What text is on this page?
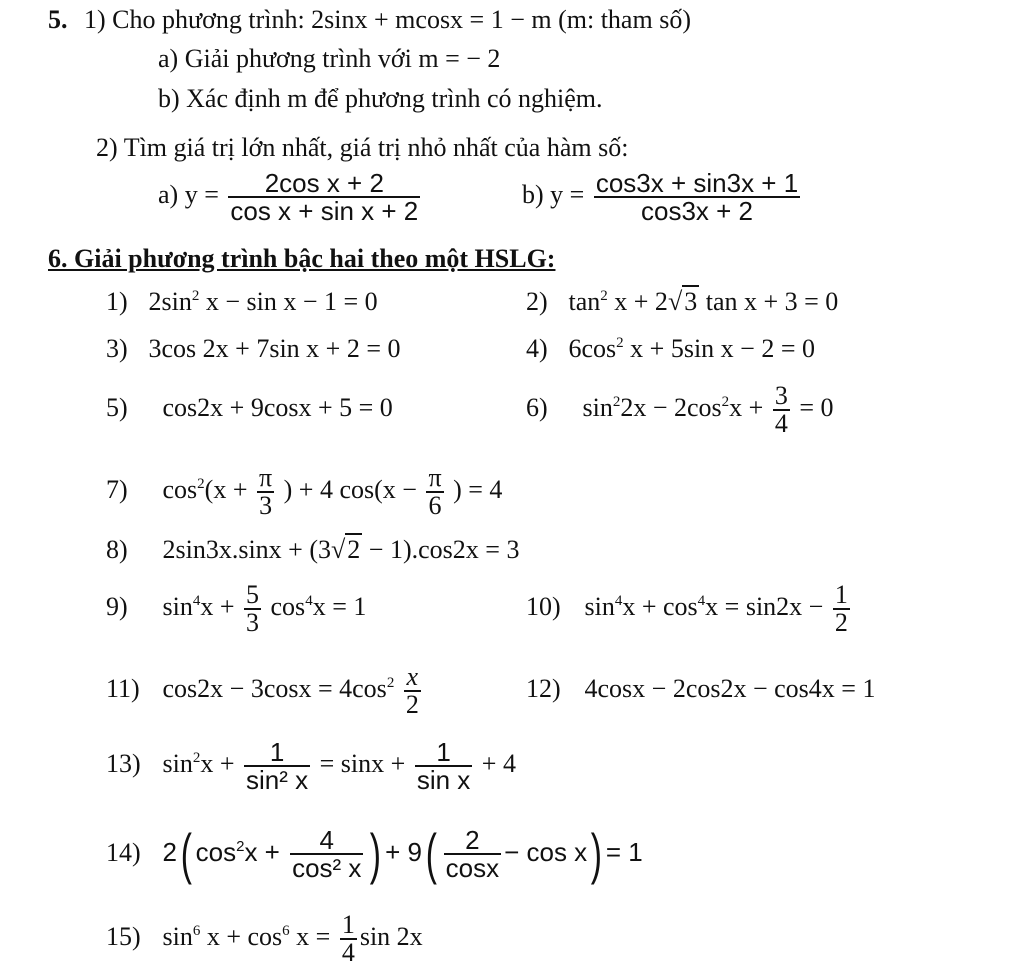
5. 1) Cho phương trình: 2sinx + mcosx = 1 − m (m: tham số)
a) Giải phương trình với m = − 2
b) Xác định m để phương trình có nghiệm.
2) Tìm giá trị lớn nhất, giá trị nhỏ nhất của hàm số:
a) $y = \frac{\text{2cos x + 2}}{\text{cos x + sin x + 2}}$	b) $y = \frac{\cos 3x + \sin 3x + 1}{\cos 3x + 2}$
6. Giải phương trình bậc hai theo một HSLG:
1) $2\sin^2$ x − sin x − 1 = 0	2) $\tan^2 x + 2√3$ tan x + 3 = 0
3) 3cos 2x + 7sin x + 2 = 0	4) $6\cos^2$ x + 5sin x − 2 = 0
5) cos2x + 9cosx + 5 = 0	6) $\sin^22x - 2\cos^2x + \frac{3}{4} = 0$
7) $\cos^2(x + \frac{\pi}{3}$ ) + 4 $\cos(x - \frac{\pi}{6}$ ) = 4
8) 2sin3x.sinx + (3√2 − 1).cos2x = 3
9) $\sin^4x + \frac{5}{3} \cos^4x = 1$	10) $\sin^4x + \cos^4x = \sin 2x - \frac{1}{2}$
11) $\cos 2x - 3\cos x = 4\cos^2 \frac{x}{2}$	12) 4cosx − 2cos2x − cos4x = 1
13) $\sin^2x + \frac{1}{\text{sin² x}} = \sin x + \frac{1}{\text{sin x}} + 4$
14) 2( $\cos^2x + \frac{4}{\text{cos² x}}$ ) + $9( \frac{2}{\cos x} - \cos x) = 1$
15) $\sin^6 x + \cos^6 x = \frac{1}{4}$ sin 2x
